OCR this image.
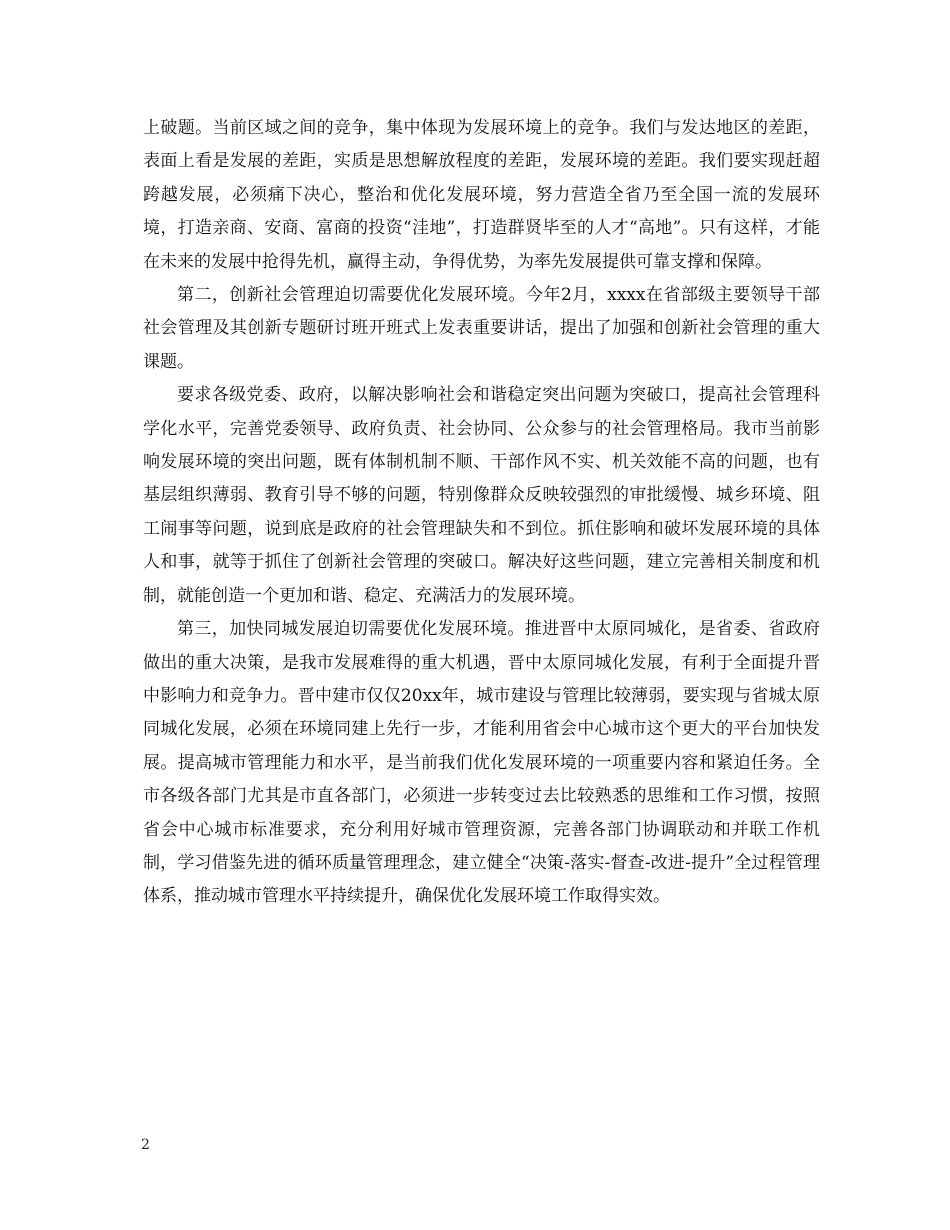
上破题。当前区域之间的竞争，集中体现为发展环境上的竞争。我们与发达地区的差距，表面上看是发展的差距，实质是思想解放程度的差距，发展环境的差距。我们要实现赶超跨越发展，必须痛下决心，整治和优化发展环境，努力营造全省乃至全国一流的发展环境，打造亲商、安商、富商的投资“洼地”，打造群贤毕至的人才“高地”。只有这样，才能在未来的发展中抢得先机，赢得主动，争得优势，为率先发展提供可靠支撑和保障。

第二，创新社会管理迫切需要优化发展环境。今年2月，xxxx在省部级主要领导干部社会管理及其创新专题研讨班开班式上发表重要讲话，提出了加强和创新社会管理的重大课题。

要求各级党委、政府，以解决影响社会和谐稳定突出问题为突破口，提高社会管理科学化水平，完善党委领导、政府负责、社会协同、公众参与的社会管理格局。我市当前影响发展环境的突出问题，既有体制机制不顺、干部作风不实、机关效能不高的问题，也有基层组织薄弱、教育引导不够的问题，特别像群众反映较强烈的审批缓慢、城乡环境、阻工闹事等问题，说到底是政府的社会管理缺失和不到位。抓住影响和破坏发展环境的具体人和事，就等于抓住了创新社会管理的突破口。解决好这些问题，建立完善相关制度和机制，就能创造一个更加和谐、稳定、充满活力的发展环境。

第三，加快同城发展迫切需要优化发展环境。推进晋中太原同城化，是省委、省政府做出的重大决策，是我市发展难得的重大机遇，晋中太原同城化发展，有利于全面提升晋中影响力和竞争力。晋中建市仅仅20xx年，城市建设与管理比较薄弱，要实现与省城太原同城化发展，必须在环境同建上先行一步，才能利用省会中心城市这个更大的平台加快发展。提高城市管理能力和水平，是当前我们优化发展环境的一项重要内容和紧迫任务。全市各级各部门尤其是市直各部门，必须进一步转变过去比较熟悉的思维和工作习惯，按照省会中心城市标准要求，充分利用好城市管理资源，完善各部门协调联动和并联工作机制，学习借鉴先进的循环质量管理理念，建立健全“决策-落实-督查-改进-提升”全过程管理体系，推动城市管理水平持续提升，确保优化发展环境工作取得实效。

2
